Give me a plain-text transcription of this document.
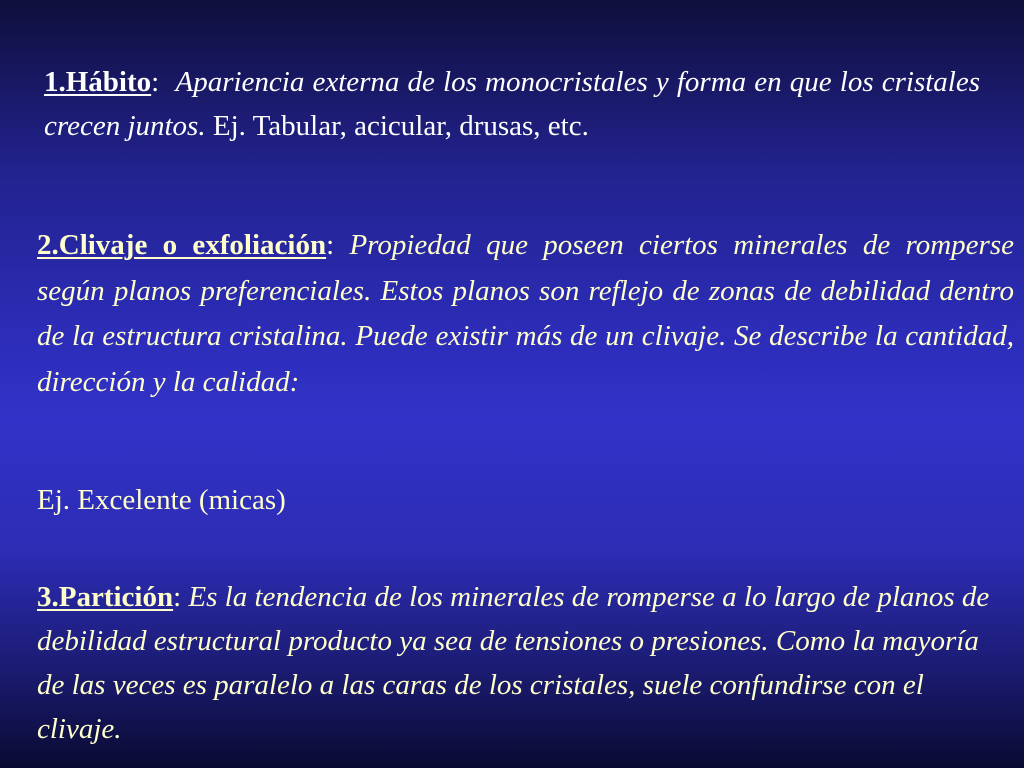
1.Hábito: Apariencia externa de los monocristales y forma en que los cristales crecen juntos. Ej. Tabular, acicular, drusas, etc.

2.Clivaje o exfoliación: Propiedad que poseen ciertos minerales de romperse según planos preferenciales. Estos planos son reflejo de zonas de debilidad dentro de la estructura cristalina. Puede existir más de un clivaje. Se describe la cantidad, dirección y la calidad:

Ej. Excelente (micas)

3.Partición: Es la tendencia de los minerales de romperse a lo largo de planos de debilidad estructural producto ya sea de tensiones o presiones. Como la mayoría de las veces es paralelo a las caras de los cristales, suele confundirse con el clivaje.
